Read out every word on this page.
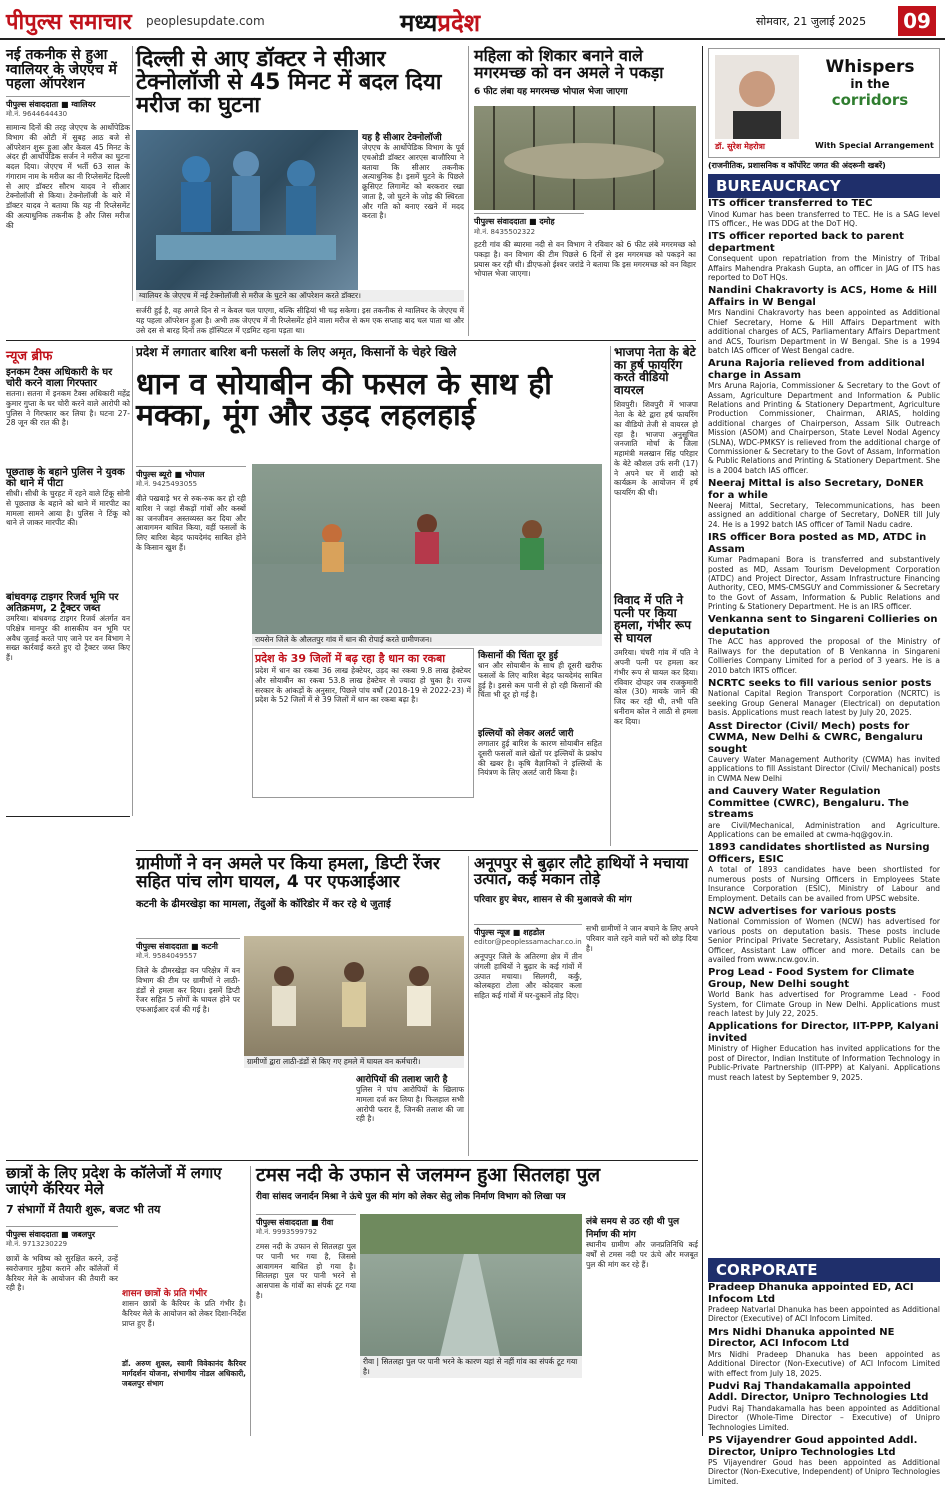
पीपुल्स समाचार peoplesupdate.com	मध्यप्रदेश	सोमवार, 21 जुलाई 2025 09
नई तकनीक से हुआ ग्वालियर के जेएएच में पहला ऑपरेशन
पीपुल्स संवाददाता ■ ग्वालियर
मो.नं. 9644644430
सामान्य दिनों की तरह जेएएच के आर्थोपेडिक विभाग की ओटी में सुबह आठ बजे से ऑपरेशन शुरू हुआ और केवल 45 मिनट के अंदर ही आर्थोपेडिक सर्जन ने मरीज का घुटना बदल दिया। जेएएच में भर्ती 63 साल के गंगाराम नाम के मरीज का नी रिप्लेसमेंट दिल्ली से आए डॉक्टर सौरभ यादव ने सीआर टेक्नोलॉजी से किया। टेक्नोलॉजी के बारे में डॉक्टर यादव ने बताया कि यह नी रिप्लेसमेंट की अत्याधुनिक तकनीक है और जिस मरीज की
दिल्ली से आए डॉक्टर ने सीआर टेक्नोलॉजी से 45 मिनट में बदल दिया मरीज का घुटना
ग्वालियर के जेएएच में नई टेक्नोलॉजी से मरीज के घुटने का ऑपरेशन करते डॉक्टर।
यह है सीआर टेक्नोलॉजी
जेएएच के आर्थोपेडिक विभाग के पूर्व एचओडी डॉक्टर आरएस बाजौरिया ने बताया कि सीआर तकनीक अत्याधुनिक है। इसमें घुटने के पिछले क्रूसिएट लिगामेंट को बरकरार रखा जाता है, जो घुटने के जोड़ की स्थिरता और गति को बनाए रखने में मदद करता है।
सर्जरी हुई है, वह अगले दिन से न केवल चल पाएगा, बल्कि सीढ़ियां भी चढ़ सकेगा। इस तकनीक से ग्वालियर के जेएएच में यह पहला ऑपरेशन हुआ है। अभी तक जेएएच में नी रिप्लेसमेंट होने वाला मरीज से कम एक सप्ताह बाद चल पाता था और उसे दस से बारह दिनों तक हॉस्पिटल में एडमिट रहना पड़ता था।
महिला को शिकार बनाने वाले मगरमच्छ को वन अमले ने पकड़ा
6 फीट लंबा यह मगरमच्छ भोपाल भेजा जाएगा
पीपुल्स संवाददाता ■ दमोह
मो.नं. 8435502322
हटरी गांव की ब्यारमा नदी से वन विभाग ने रविवार को 6 फीट लंबे मगरमच्छ को पकड़ा है। वन विभाग की टीम पिछले 6 दिनों से इस मगरमच्छ को पकड़ने का प्रयास कर रही थी। डीएफओ ईश्वर जरांडे ने बताया कि इस मगरमच्छ को वन विहार भोपाल भेजा जाएगा।
न्यूज ब्रीफ
इनकम टैक्स अधिकारी के घर चोरी करने वाला गिरफ्तार
सतना। सतना में इनकम टैक्स अधिकारी महेंद्र कुमार गुप्ता के घर चोरी करने वाले आरोपी को पुलिस ने गिरफ्तार कर लिया है। घटना 27-28 जून की रात की है।
पूछताछ के बहाने पुलिस ने युवक को थाने में पीटा
सीधी। सीधी के चुरहट में रहने वाले टिंकू सोनी से पूछताछ के बहाने को थाने में मारपीट का मामला सामने आया है। पुलिस ने टिंकू को थाने ले जाकर मारपीट की।
बांधवगढ़ टाइगर रिजर्व भूमि पर अतिक्रमण, 2 ट्रैक्टर जब्त
उमरिया। बांधवगढ़ टाइगर रिजर्व अंतर्गत वन परिक्षेत्र मानपुर की शासकीय वन भूमि पर अवैध जुताई करते पाए जाने पर वन विभाग ने सख्त कार्रवाई करते हुए दो ट्रैक्टर जब्त किए हैं।
प्रदेश में लगातार बारिश बनी फसलों के लिए अमृत, किसानों के चेहरे खिले
धान व सोयाबीन की फसल के साथ ही मक्का, मूंग और उड़द लहलहाई
पीपुल्स ब्यूरो ■ भोपाल
मो.नं. 9425493055
बीते पखवाड़े भर से रुक-रुक कर हो रही बारिश ने जहां सैकड़ों गांवों और कस्बों का जनजीवन अस्तव्यस्त कर दिया और आवागमन बाधित किया, वहीं फसलों के लिए बारिश बेहद फायदेमंद साबित होने के किसान खुश हैं।
रायसेन जिले के औलतपुर गांव में धान की रोपाई करते ग्रामीणजन।
प्रदेश के 39 जिलों में बढ़ रहा है धान का रकबा
प्रदेश में धान का रकबा 36 लाख हेक्टेयर, उड़द का रकबा 9.8 लाख हेक्टेयर और सोयाबीन का रकबा 53.8 लाख हेक्टेयर से ज्यादा हो चुका है। राज्य सरकार के आंकड़ों के अनुसार, पिछले पांच वर्षों (2018-19 से 2022-23) में प्रदेश के 52 जिलों में से 39 जिलों में धान का रकबा बढ़ा है।
किसानों की चिंता दूर हुई
धान और सोयाबीन के साथ ही दूसरी खरीफ फसलों के लिए बारिश बेहद फायदेमंद साबित हुई है। इससे कम पानी से हो रही किसानों की चिंता भी दूर हो गई है।
इल्लियों को लेकर अलर्ट जारी
लगातार हुई बारिश के कारण सोयाबीन सहित दूसरी फसलों वाले खेतों पर इल्लियों के प्रकोप की खबर है। कृषि वैज्ञानिकों ने इल्लियों के नियंत्रण के लिए अलर्ट जारी किया है।
भाजपा नेता के बेटे का हर्ष फायरिंग करते वीडियो वायरल
शिवपुरी। शिवपुरी में भाजपा नेता के बेटे द्वारा हर्ष फायरिंग का वीडियो तेजी से वायरल हो रहा है। भाजपा अनुसूचित जनजाति मोर्चा के जिला महामंत्री मलखान सिंह परिहार के बेटे कौशल उर्फ सनी (17) ने अपने घर में शादी को कार्यक्रम के आयोजन में हर्ष फायरिंग की थी।
विवाद में पति ने पत्नी पर किया हमला, गंभीर रूप से घायल
उमरिया। चंचरी गांव में पति ने अपनी पत्नी पर हमला कर गंभीर रूप से घायल कर दिया। रविवार दोपहर जब राजकुमारी कोल (30) मायके जाने की जिद कर रही थी, तभी पति धनीराम कोल ने लाठी से हमला कर दिया।
ग्रामीणों ने वन अमले पर किया हमला, डिप्टी रेंजर सहित पांच लोग घायल, 4 पर एफआईआर
कटनी के ढीमरखेड़ा का मामला, तेंदुओं के कॉरिडोर में कर रहे थे जुताई
पीपुल्स संवाददाता ■ कटनी
मो.नं. 9584049557
जिले के ढीमरखेड़ा वन परिक्षेत्र में वन विभाग की टीम पर ग्रामीणों ने लाठी-डंडों से हमला कर दिया। इसमें डिप्टी रेंजर सहित 5 लोगों के घायल होने पर एफआईआर दर्ज की गई है।
ग्रामीणों द्वारा लाठी-डंडों से किए गए हमले में घायल वन कर्मचारी।
आरोपियों की तलाश जारी है
पुलिस ने पांच आरोपियों के खिलाफ मामला दर्ज कर लिया है। फिलहाल सभी आरोपी फरार हैं, जिनकी तलाश की जा रही है।
अनूपपुर से बुढ़ार लौटे हाथियों ने मचाया उत्पात, कई मकान तोड़े
परिवार हुए बेघर, शासन से की मुआवजे की मांग
पीपुल्स न्यूज ■ शहडोल
editor@peoplessamachar.co.in
अनूपपुर जिले के अतिरग्गा क्षेत्र में तीन जंगली हाथियों ने बुढ़ार के कई गांवों में उत्पात मचाया। सिलगरी, कर्कुं, कोलबहरा टोला और कोदवार कला सहित कई गांवों में घर-दुकानें तोड़ दिए।
सभी ग्रामीणों ने जान बचाने के लिए अपने परिवार वाले रहने वाले घरों को छोड़ दिया है।
छात्रों के लिए प्रदेश के कॉलेजों में लगाए जाएंगे कॅरियर मेले
7 संभागों में तैयारी शुरू, बजट भी तय
पीपुल्स संवाददाता ■ जबलपुर
मो.नं. 9713230229
छात्रों के भविष्य को सुरक्षित करने, उन्हें स्वरोजगार मुहैया कराने और कॉलेजों में कैरियर मेले के आयोजन की तैयारी कर रही है।
शासन छात्रों के प्रति गंभीर
शासन छात्रों के कैरियर के प्रति गंभीर है। कैरियर मेले के आयोजन को लेकर दिशा-निर्देश प्राप्त हुए हैं।
डॉ. अरुण शुक्ल, स्वामी विवेकानंद कैरियर मार्गदर्शन योजना, संभागीय नोडल अधिकारी, जबलपुर संभाग
टमस नदी के उफान से जलमग्न हुआ सितलहा पुल
रीवा सांसद जनार्दन मिश्रा ने ऊंचे पुल की मांग को लेकर सेतु लोक निर्माण विभाग को लिखा पत्र
पीपुल्स संवाददाता ■ रीवा
मो.नं. 9993599792
टमस नदी के उफान से सितलहा पुल पर पानी भर गया है, जिससे आवागमन बाधित हो गया है। सितलहा पुल पर पानी भरने से आसपास के गांवों का संपर्क टूट गया है।
रीवा | सितलहा पुल पर पानी भरने के कारण यहां से नहीं गांव का संपर्क टूट गया है।
लंबे समय से उठ रही थी पुल निर्माण की मांग
स्थानीय ग्रामीण और जनप्रतिनिधि कई वर्षों से टमस नदी पर ऊंचे और मजबूत पुल की मांग कर रहे हैं।
Whispers
in the
corridors
डॉ. सुरेश मेहरोत्रा	With Special Arrangement
(राजनीतिक, प्रशासनिक व कॉर्पोरेट जगत की अंदरूनी खबरें)
BUREAUCRACY
ITS officer transferred to TEC
Vinod Kumar has been transferred to TEC. He is a SAG level ITS officer., He was DDG at the DoT HQ.
ITS officer reported back to parent department
Consequent upon repatriation from the Ministry of Tribal Affairs Mahendra Prakash Gupta, an officer in JAG of ITS has reported to DoT HQs.
Nandini Chakravorty is ACS, Home & Hill Affairs in W Bengal
Mrs Nandini Chakravorty has been appointed as Additional Chief Secretary, Home & Hill Affairs Department with additional charges of ACS, Parliamentary Affairs Department and ACS, Tourism Department in W Bengal. She is a 1994 batch IAS officer of West Bengal cadre.
Aruna Rajoria relieved from additional charge in Assam
Mrs Aruna Rajoria, Commissioner & Secretary to the Govt of Assam, Agriculture Department and Information & Public Relations and Printing & Stationery Department, Agriculture Production Commissioner, Chairman, ARIAS, holding additional charges of Chairperson, Assam Silk Outreach Mission (ASOM) and Chairperson, State Level Nodal Agency (SLNA), WDC-PMKSY is relieved from the additional charge of Commissioner & Secretary to the Govt of Assam, Information & Public Relations and Printing & Stationery Department. She is a 2004 batch IAS officer.
Neeraj Mittal is also Secretary, DoNER for a while
Neeraj Mittal, Secretary, Telecommunications, has been assigned an additional charge of Secretary, DoNER till July 24. He is a 1992 batch IAS officer of Tamil Nadu cadre.
IRS officer Bora posted as MD, ATDC in Assam
Kumar Padmapani Bora is transferred and substantively posted as MD, Assam Tourism Development Corporation (ATDC) and Project Director, Assam Infrastructure Financing Authority, CEO, MMS-CMSGUY and Commissioner & Secretary to the Govt of Assam, Information & Public Relations and Printing & Stationery Department. He is an IRS officer.
Venkanna sent to Singareni Collieries on deputation
The ACC has approved the proposal of the Ministry of Railways for the deputation of B Venkanna in Singareni Collieries Company Limited for a period of 3 years. He is a 2010 batch IRTS officer.
NCRTC seeks to fill various senior posts
National Capital Region Transport Corporation (NCRTC) is seeking Group General Manager (Electrical) on deputation basis. Applications must reach latest by July 20, 2025.
Asst Director (Civil/ Mech) posts for CWMA, New Delhi & CWRC, Bengaluru sought
Cauvery Water Management Authority (CWMA) has invited applications to fill Assistant Director (Civil/ Mechanical) posts in CWMA New Delhi
and Cauvery Water Regulation Committee (CWRC), Bengaluru. The streams
are Civil/Mechanical, Administration and Agriculture. Applications can be emailed at cwma-hq@gov.in.
1893 candidates shortlisted as Nursing Officers, ESIC
A total of 1893 candidates have been shortlisted for numerous posts of Nursing Officers in Employees State Insurance Corporation (ESIC), Ministry of Labour and Employment. Details can be availed from UPSC website.
NCW advertises for various posts
National Commission of Women (NCW) has advertised for various posts on deputation basis. These posts include Senior Principal Private Secretary, Assistant Public Relation Officer, Assistant Law officer and more. Details can be availed from www.ncw.gov.in.
Prog Lead - Food System for Climate Group, New Delhi sought
World Bank has advertised for Programme Lead - Food System, for Climate Group in New Delhi. Applications must reach latest by July 22, 2025.
Applications for Director, IIT-PPP, Kalyani invited
Ministry of Higher Education has invited applications for the post of Director, Indian Institute of Information Technology in Public-Private Partnership (IIT-PPP) at Kalyani. Applications must reach latest by September 9, 2025.
CORPORATE
Pradeep Dhanuka appointed ED, ACI Infocom Ltd
Pradeep Natvarlal Dhanuka has been appointed as Additional Director (Executive) of ACI Infocom Limited.
Mrs Nidhi Dhanuka appointed NE Director, ACI Infocom Ltd
Mrs Nidhi Pradeep Dhanuka has been appointed as Additional Director (Non-Executive) of ACI Infocom Limited with effect from July 18, 2025.
Pudvi Raj Thandakamalla appointed Addl. Director, Unipro Technologies Ltd
Pudvi Raj Thandakamalla has been appointed as Additional Director (Whole-Time Director – Executive) of Unipro Technologies Limited.
PS Vijayendrer Goud appointed Addl. Director, Unipro Technologies Ltd
PS Vijayendrer Goud has been appointed as Additional Director (Non-Executive, Independent) of Unipro Technologies Limited.
